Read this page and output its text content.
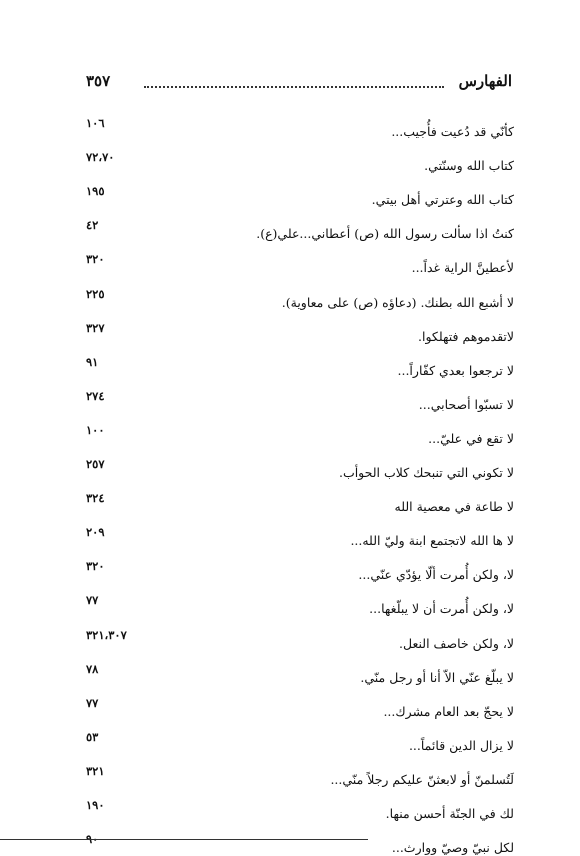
الفهارس
٣٥٧
كأنّي قد دُعيت فأُجيب...
١٠٦
كتاب الله وسنّتي.
٧٢،٧٠
كتاب الله وعترتي أهل بيتي.
١٩٥
كنتُ اذا سألت رسول الله (ص) أعطاني...علي(ع).
٤٢
لأعطينَّ الراية غداً...
٣٢٠
لا أشبع الله بطنك. (دعاؤه (ص) على معاوية).
٢٢٥
لاتقدموهم فتهلكوا.
٣٢٧
لا ترجعوا بعدي كفّاراً...
٩١
لا تسبّوا أصحابي...
٢٧٤
لا تقع في عليّ...
١٠٠
لا تكوني التي تنبحك كلاب الحوأب.
٢٥٧
لا طاعة في معصية الله
٣٢٤
لا ها الله لاتجتمع ابنة وليّ الله...
٢٠٩
لا، ولكن أُمرت ألّا يؤدّي عنّي...
٣٢٠
لا، ولكن أُمرت أن لا يبلّغها...
٧٧
لا، ولكن خاصف النعل.
٣٢١،٣٠٧
لا يبلّغ عنّي الاّ أنا أو رجل منّي.
٧٨
لا يحجّ بعد العام مشرك...
٧٧
لا يزال الدين قائماً...
٥٣
لَتُسلمنّ أو لابعثنّ عليكم رجلاً منّي...
٣٢١
لك في الجنّة أحسن منها.
١٩٠
لكل نبيّ وصيّ ووارث...
٩٠
